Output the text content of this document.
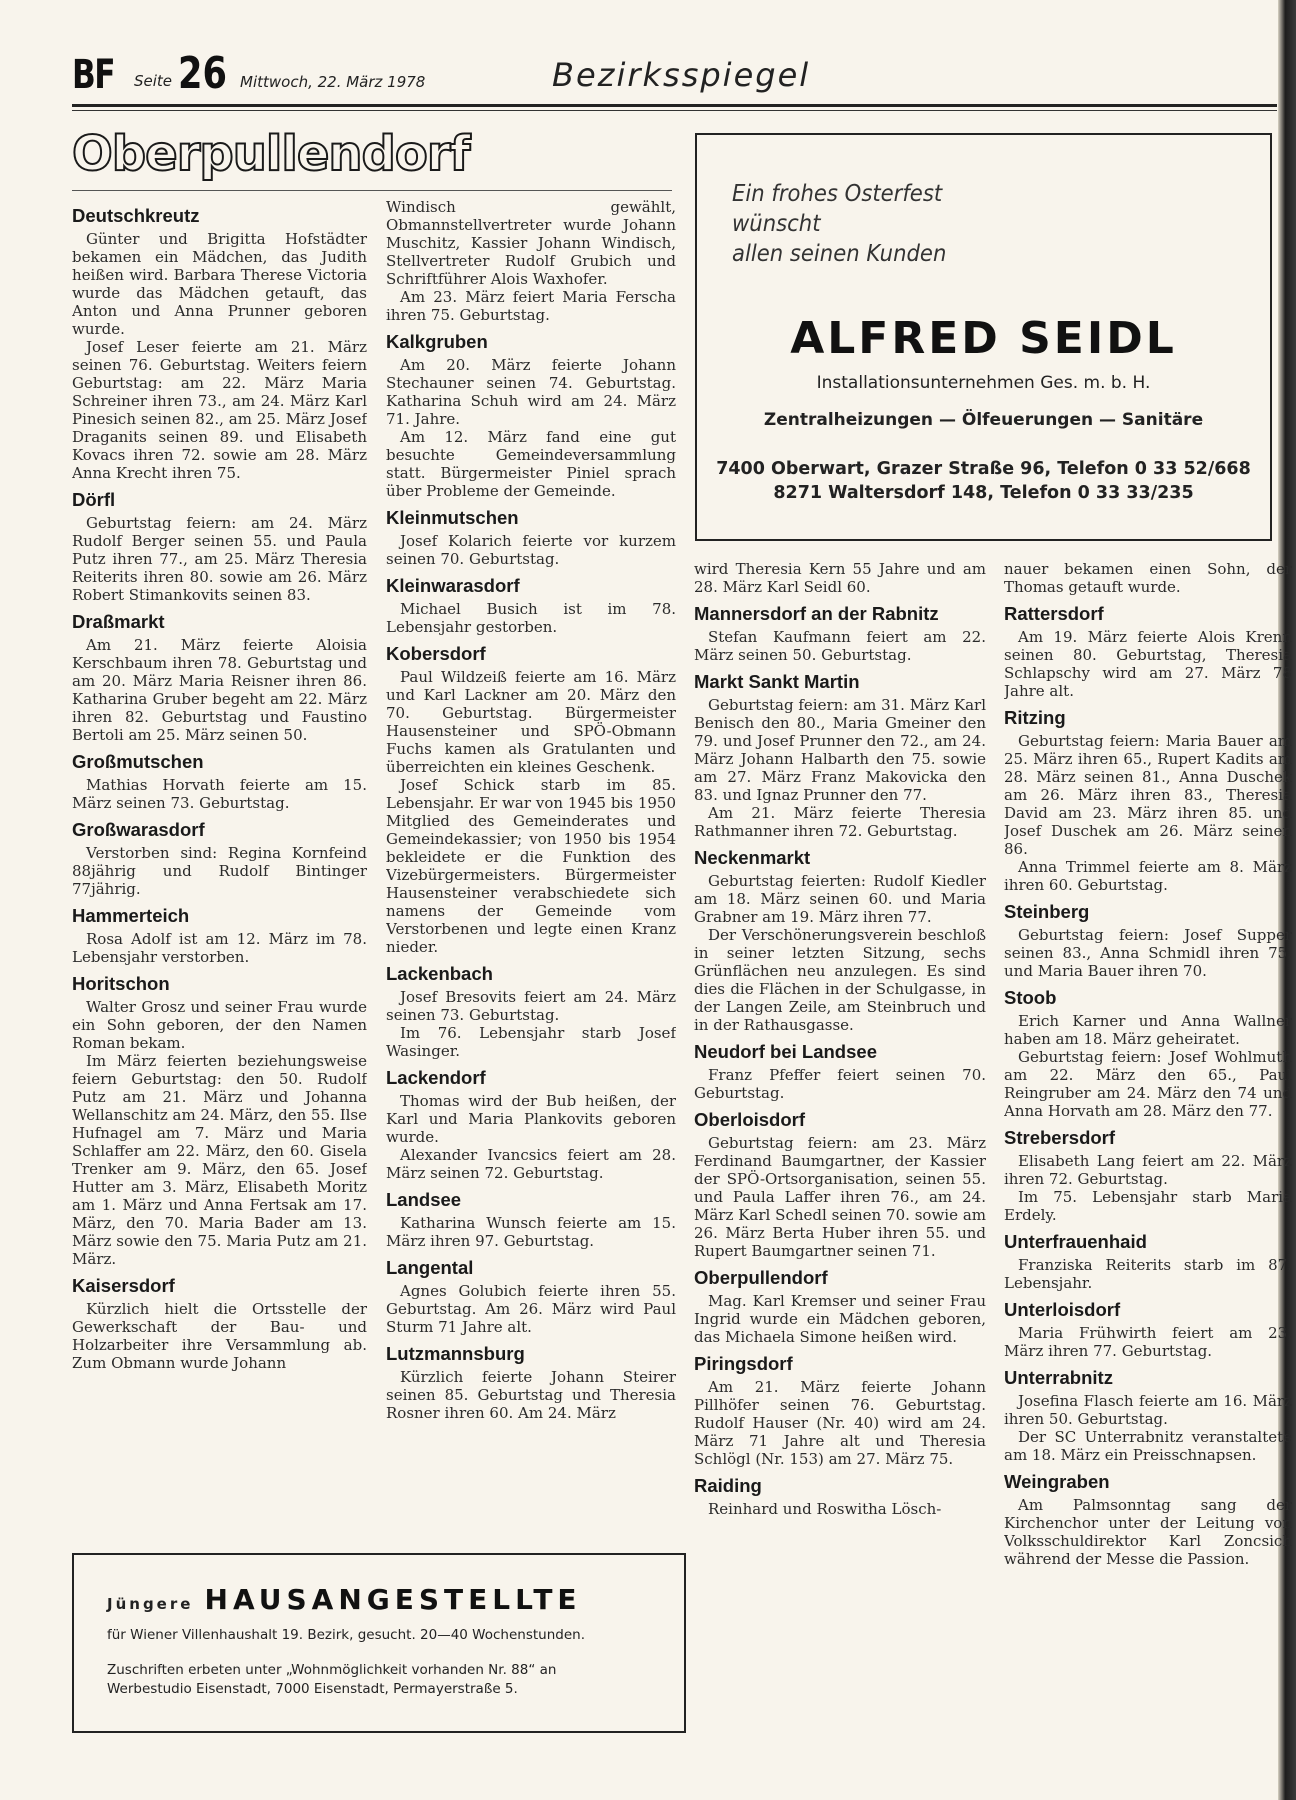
BF Seite 26 Mittwoch, 22. März 1978	Bezirksspiegel
Oberpullendorf
Deutschkreutz

Günter und Brigitta Hofstädter bekamen ein Mädchen, das Judith heißen wird. Barbara Therese Victoria wurde das Mädchen getauft, das Anton und Anna Prunner geboren wurde.

Josef Leser feierte am 21. März seinen 76. Geburtstag. Weiters feiern Geburtstag: am 22. März Maria Schreiner ihren 73., am 24. März Karl Pinesich seinen 82., am 25. März Josef Draganits seinen 89. und Elisabeth Kovacs ihren 72. sowie am 28. März Anna Krecht ihren 75.

Dörfl

Geburtstag feiern: am 24. März Rudolf Berger seinen 55. und Paula Putz ihren 77., am 25. März Theresia Reiterits ihren 80. sowie am 26. März Robert Stimankovits seinen 83.

Draßmarkt

Am 21. März feierte Aloisia Kerschbaum ihren 78. Geburtstag und am 20. März Maria Reisner ihren 86. Katharina Gruber begeht am 22. März ihren 82. Geburtstag und Faustino Bertoli am 25. März seinen 50.

Großmutschen

Mathias Horvath feierte am 15. März seinen 73. Geburtstag.

Großwarasdorf

Verstorben sind: Regina Kornfeind 88jährig und Rudolf Bintinger 77jährig.

Hammerteich

Rosa Adolf ist am 12. März im 78. Lebensjahr verstorben.

Horitschon

Walter Grosz und seiner Frau wurde ein Sohn geboren, der den Namen Roman bekam.

Im März feierten beziehungsweise feiern Geburtstag: den 50. Rudolf Putz am 21. März und Johanna Wellanschitz am 24. März, den 55. Ilse Hufnagel am 7. März und Maria Schlaffer am 22. März, den 60. Gisela Trenker am 9. März, den 65. Josef Hutter am 3. März, Elisabeth Moritz am 1. März und Anna Fertsak am 17. März, den 70. Maria Bader am 13. März sowie den 75. Maria Putz am 21. März.

Kaisersdorf

Kürzlich hielt die Ortsstelle der Gewerkschaft der Bau- und Holzarbeiter ihre Versammlung ab. Zum Obmann wurde Johann

Windisch gewählt, Obmannstellvertreter wurde Johann Muschitz, Kassier Johann Windisch, Stellvertreter Rudolf Grubich und Schriftführer Alois Waxhofer.

Am 23. März feiert Maria Ferscha ihren 75. Geburtstag.

Kalkgruben

Am 20. März feierte Johann Stechauner seinen 74. Geburtstag. Katharina Schuh wird am 24. März 71. Jahre.

Am 12. März fand eine gut besuchte Gemeindeversammlung statt. Bürgermeister Piniel sprach über Probleme der Gemeinde.

Kleinmutschen

Josef Kolarich feierte vor kurzem seinen 70. Geburtstag.

Kleinwarasdorf

Michael Busich ist im 78. Lebensjahr gestorben.

Kobersdorf

Paul Wildzeiß feierte am 16. März und Karl Lackner am 20. März den 70. Geburtstag. Bürgermeister Hausensteiner und SPÖ-Obmann Fuchs kamen als Gratulanten und überreichten ein kleines Geschenk.

Josef Schick starb im 85. Lebensjahr. Er war von 1945 bis 1950 Mitglied des Gemeinderates und Gemeindekassier; von 1950 bis 1954 bekleidete er die Funktion des Vizebürgermeisters. Bürgermeister Hausensteiner verabschiedete sich namens der Gemeinde vom Verstorbenen und legte einen Kranz nieder.

Lackenbach

Josef Bresovits feiert am 24. März seinen 73. Geburtstag.

Im 76. Lebensjahr starb Josef Wasinger.

Lackendorf

Thomas wird der Bub heißen, der Karl und Maria Plankovits geboren wurde.

Alexander Ivancsics feiert am 28. März seinen 72. Geburtstag.

Landsee

Katharina Wunsch feierte am 15. März ihren 97. Geburtstag.

Langental

Agnes Golubich feierte ihren 55. Geburtstag. Am 26. März wird Paul Sturm 71 Jahre alt.

Lutzmannsburg

Kürzlich feierte Johann Steirer seinen 85. Geburtstag und Theresia Rosner ihren 60. Am 24. März

wird Theresia Kern 55 Jahre und am 28. März Karl Seidl 60.

Mannersdorf an der Rabnitz

Stefan Kaufmann feiert am 22. März seinen 50. Geburtstag.

Markt Sankt Martin

Geburtstag feiern: am 31. März Karl Benisch den 80., Maria Gmeiner den 79. und Josef Prunner den 72., am 24. März Johann Halbarth den 75. sowie am 27. März Franz Makovicka den 83. und Ignaz Prunner den 77.

Am 21. März feierte Theresia Rathmanner ihren 72. Geburtstag.

Neckenmarkt

Geburtstag feierten: Rudolf Kiedler am 18. März seinen 60. und Maria Grabner am 19. März ihren 77.

Der Verschönerungsverein beschloß in seiner letzten Sitzung, sechs Grünflächen neu anzulegen. Es sind dies die Flächen in der Schulgasse, in der Langen Zeile, am Steinbruch und in der Rathausgasse.

Neudorf bei Landsee

Franz Pfeffer feiert seinen 70. Geburtstag.

Oberloisdorf

Geburtstag feiern: am 23. März Ferdinand Baumgartner, der Kassier der SPÖ-Ortsorganisation, seinen 55. und Paula Laffer ihren 76., am 24. März Karl Schedl seinen 70. sowie am 26. März Berta Huber ihren 55. und Rupert Baumgartner seinen 71.

Oberpullendorf

Mag. Karl Kremser und seiner Frau Ingrid wurde ein Mädchen geboren, das Michaela Simone heißen wird.

Piringsdorf

Am 21. März feierte Johann Pillhöfer seinen 76. Geburtstag. Rudolf Hauser (Nr. 40) wird am 24. März 71 Jahre alt und Theresia Schlögl (Nr. 153) am 27. März 75.

Raiding

Reinhard und Roswitha Lösch-

nauer bekamen einen Sohn, der Thomas getauft wurde.

Rattersdorf

Am 19. März feierte Alois Krenn seinen 80. Geburtstag, Theresia Schlapschy wird am 27. März 78 Jahre alt.

Ritzing

Geburtstag feiern: Maria Bauer am 25. März ihren 65., Rupert Kadits am 28. März seinen 81., Anna Duschek am 26. März ihren 83., Theresia David am 23. März ihren 85. und Josef Duschek am 26. März seinen 86.

Anna Trimmel feierte am 8. März ihren 60. Geburtstag.

Steinberg

Geburtstag feiern: Josef Supper seinen 83., Anna Schmidl ihren 75. und Maria Bauer ihren 70.

Stoob

Erich Karner und Anna Wallner haben am 18. März geheiratet.

Geburtstag feiern: Josef Wohlmuth am 22. März den 65., Paul Reingruber am 24. März den 74 und Anna Horvath am 28. März den 77.

Strebersdorf

Elisabeth Lang feiert am 22. März ihren 72. Geburtstag.

Im 75. Lebensjahr starb Maria Erdely.

Unterfrauenhaid

Franziska Reiterits starb im 87. Lebensjahr.

Unterloisdorf

Maria Frühwirth feiert am 23. März ihren 77. Geburtstag.

Unterrabnitz

Josefina Flasch feierte am 16. März ihren 50. Geburtstag.

Der SC Unterrabnitz veranstaltete am 18. März ein Preisschnapsen.

Weingraben

Am Palmsonntag sang der Kirchenchor unter der Leitung von Volksschuldirektor Karl Zoncsich während der Messe die Passion.

Ein frohes Osterfest
wünscht
allen seinen Kunden
ALFRED SEIDL
Installationsunternehmen Ges. m. b. H.
Zentralheizungen — Ölfeuerungen — Sanitäre
7400 Oberwart, Grazer Straße 96, Telefon 0 33 52/668
8271 Waltersdorf 148, Telefon 0 33 33/235
Jüngere HAUSANGESTELLTE
für Wiener Villenhaushalt 19. Bezirk, gesucht. 20—40 Wochenstunden.
Zuschriften erbeten unter „Wohnmöglichkeit vorhanden Nr. 88“ an
Werbestudio Eisenstadt, 7000 Eisenstadt, Permayerstraße 5.
